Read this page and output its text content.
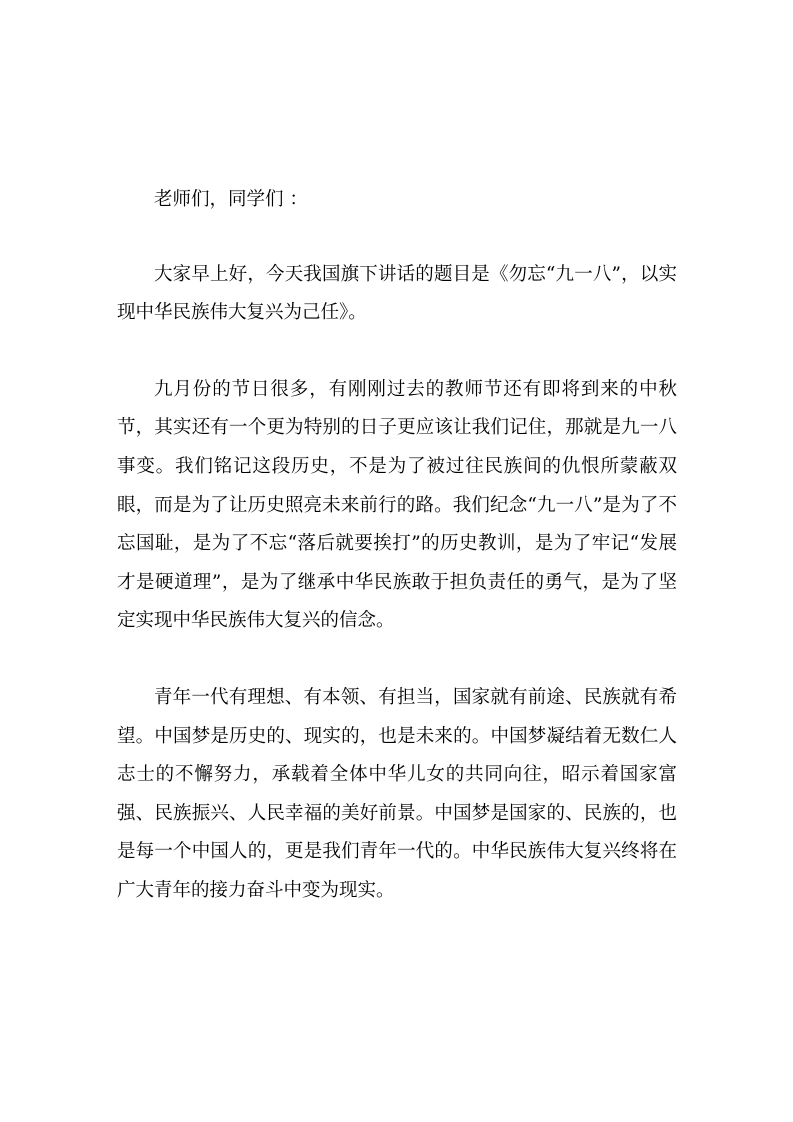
老师们，同学们 ：

大家早上好，今天我国旗下讲话的题目是《勿忘“九一八”，以实现中华民族伟大复兴为己任》。

九月份的节日很多，有刚刚过去的教师节还有即将到来的中秋节，其实还有一个更为特别的日子更应该让我们记住，那就是九一八事变。我们铭记这段历史，不是为了被过往民族间的仇恨所蒙蔽双眼，而是为了让历史照亮未来前行的路。我们纪念“九一八”是为了不忘国耻，是为了不忘“落后就要挨打”的历史教训，是为了牢记“发展才是硬道理”，是为了继承中华民族敢于担负责任的勇气，是为了坚定实现中华民族伟大复兴的信念。

青年一代有理想、有本领、有担当，国家就有前途、民族就有希望。中国梦是历史的、现实的，也是未来的。中国梦凝结着无数仁人志士的不懈努力，承载着全体中华儿女的共同向往，昭示着国家富强、民族振兴、人民幸福的美好前景。中国梦是国家的、民族的，也是每一个中国人的，更是我们青年一代的。中华民族伟大复兴终将在广大青年的接力奋斗中变为现实。
